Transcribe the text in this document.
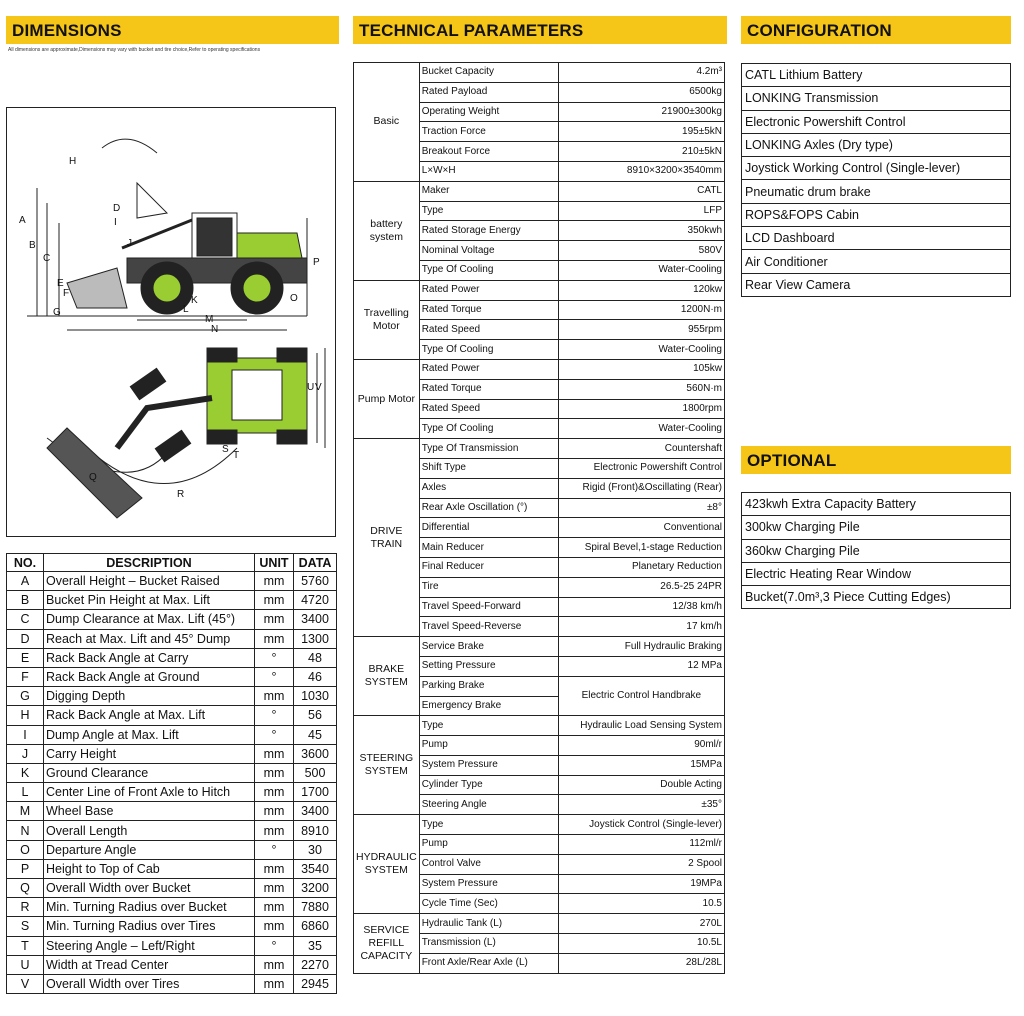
DIMENSIONS
All dimensions are approximate,Dimensions may vary with bucket and tire choice,Refer to operating specifications
TECHNICAL PARAMETERS	CONFIGURATION
OPTIONAL
A
B
C
D
E
F
G
H
I
J
K
L
M
N
O
P
Q
R
S
T
U V
NO.	DESCRIPTION	UNIT	DATA
A	Overall Height – Bucket Raised	mm	5760
B	Bucket Pin Height at Max. Lift	mm	4720
C	Dump Clearance at Max. Lift (45°)	mm	3400
D	Reach at Max. Lift and 45° Dump	mm	1300
E	Rack Back Angle at Carry	°	48
F	Rack Back Angle at Ground	°	46
G	Digging Depth	mm	1030
H	Rack Back Angle at Max. Lift	°	56
I	Dump Angle at Max. Lift	°	45
J	Carry Height	mm	3600
K	Ground Clearance	mm	500
L	Center Line of Front Axle to Hitch	mm	1700
M	Wheel Base	mm	3400
N	Overall Length	mm	8910
O	Departure Angle	°	30
P	Height to Top of Cab	mm	3540
Q	Overall Width over Bucket	mm	3200
R	Min. Turning Radius over Bucket	mm	7880
S	Min. Turning Radius over Tires	mm	6860
T	Steering Angle – Left/Right	°	35
U	Width at Tread Center	mm	2270
V	Overall Width over Tires	mm	2945
Basic	Bucket Capacity	4.2m³
	Rated Payload	6500kg
	Operating Weight	21900±300kg
	Traction Force	195±5kN
	Breakout Force	210±5kN
	L×W×H	8910×3200×3540mm
battery system	Maker	CATL
	Type	LFP
	Rated Storage Energy	350kwh
	Nominal Voltage	580V
	Type Of Cooling	Water-Cooling
Travelling Motor	Rated Power	120kw
	Rated Torque	1200N·m
	Rated Speed	955rpm
	Type Of Cooling	Water-Cooling
Pump Motor	Rated Power	105kw
	Rated Torque	560N·m
	Rated Speed	1800rpm
	Type Of Cooling	Water-Cooling
DRIVE TRAIN	Type Of Transmission	Countershaft
	Shift Type	Electronic Powershift Control
	Axles	Rigid (Front)&Oscillating (Rear)
	Rear Axle Oscillation (°)	±8°
	Differential	Conventional
	Main Reducer	Spiral Bevel,1-stage Reduction
	Final Reducer	Planetary Reduction
	Tire	26.5-25 24PR
	Travel Speed-Forward	12/38 km/h
	Travel Speed-Reverse	17 km/h
BRAKE SYSTEM	Service Brake	Full Hydraulic Braking
	Setting Pressure	12 MPa
	Parking Brake	Electric Control Handbrake
	Emergency Brake	
STEERING SYSTEM	Type	Hydraulic Load Sensing System
	Pump	90ml/r
	System Pressure	15MPa
	Cylinder Type	Double Acting
	Steering Angle	±35°
HYDRAULIC SYSTEM	Type	Joystick Control (Single-lever)
	Pump	112ml/r
	Control Valve	2 Spool
	System Pressure	19MPa
	Cycle Time (Sec)	10.5
SERVICE REFILL CAPACITY	Hydraulic Tank (L)	270L
	Transmission (L)	10.5L
	Front Axle/Rear Axle (L)	28L/28L
CATL Lithium Battery
LONKING Transmission
Electronic Powershift Control
LONKING Axles (Dry type)
Joystick Working Control (Single-lever)
Pneumatic drum brake
ROPS&FOPS Cabin
LCD Dashboard
Air Conditioner
Rear View Camera
423kwh Extra Capacity Battery
300kw Charging Pile
360kw Charging Pile
Electric Heating Rear Window
Bucket(7.0m³,3 Piece Cutting Edges)
